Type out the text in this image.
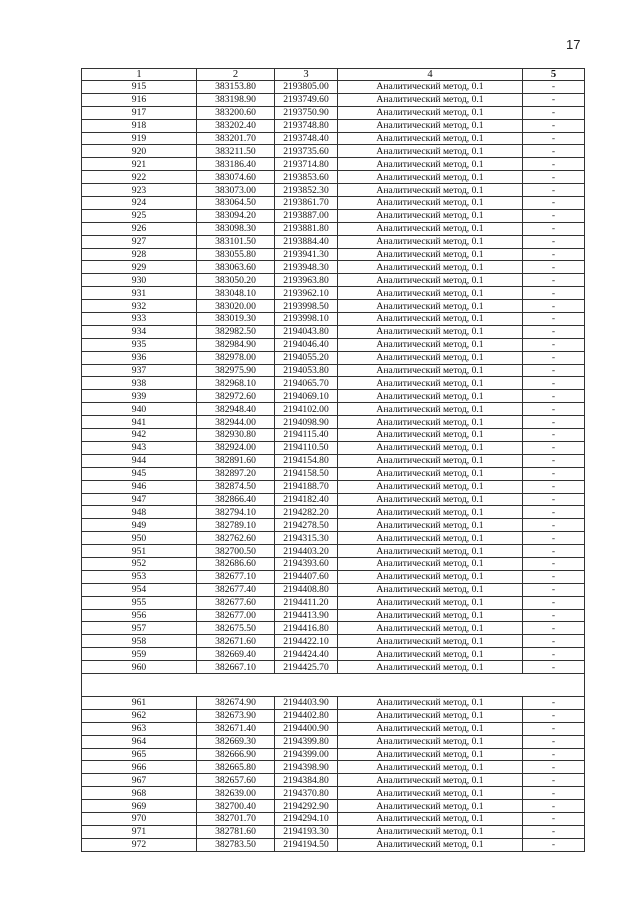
17
1	2	3	4	5
915	383153.80	2193805.00	Аналитический метод, 0.1	-
916	383198.90	2193749.60	Аналитический метод, 0.1	-
917	383200.60	2193750.90	Аналитический метод, 0.1	-
918	383202.40	2193748.80	Аналитический метод, 0.1	-
919	383201.70	2193748.40	Аналитический метод, 0.1	-
920	383211.50	2193735.60	Аналитический метод, 0.1	-
921	383186.40	2193714.80	Аналитический метод, 0.1	-
922	383074.60	2193853.60	Аналитический метод, 0.1	-
923	383073.00	2193852.30	Аналитический метод, 0.1	-
924	383064.50	2193861.70	Аналитический метод, 0.1	-
925	383094.20	2193887.00	Аналитический метод, 0.1	-
926	383098.30	2193881.80	Аналитический метод, 0.1	-
927	383101.50	2193884.40	Аналитический метод, 0.1	-
928	383055.80	2193941.30	Аналитический метод, 0.1	-
929	383063.60	2193948.30	Аналитический метод, 0.1	-
930	383050.20	2193963.80	Аналитический метод, 0.1	-
931	383048.10	2193962.10	Аналитический метод, 0.1	-
932	383020.00	2193998.50	Аналитический метод, 0.1	-
933	383019.30	2193998.10	Аналитический метод, 0.1	-
934	382982.50	2194043.80	Аналитический метод, 0.1	-
935	382984.90	2194046.40	Аналитический метод, 0.1	-
936	382978.00	2194055.20	Аналитический метод, 0.1	-
937	382975.90	2194053.80	Аналитический метод, 0.1	-
938	382968.10	2194065.70	Аналитический метод, 0.1	-
939	382972.60	2194069.10	Аналитический метод, 0.1	-
940	382948.40	2194102.00	Аналитический метод, 0.1	-
941	382944.00	2194098.90	Аналитический метод, 0.1	-
942	382930.80	2194115.40	Аналитический метод, 0.1	-
943	382924.00	2194110.50	Аналитический метод, 0.1	-
944	382891.60	2194154.80	Аналитический метод, 0.1	-
945	382897.20	2194158.50	Аналитический метод, 0.1	-
946	382874.50	2194188.70	Аналитический метод, 0.1	-
947	382866.40	2194182.40	Аналитический метод, 0.1	-
948	382794.10	2194282.20	Аналитический метод, 0.1	-
949	382789.10	2194278.50	Аналитический метод, 0.1	-
950	382762.60	2194315.30	Аналитический метод, 0.1	-
951	382700.50	2194403.20	Аналитический метод, 0.1	-
952	382686.60	2194393.60	Аналитический метод, 0.1	-
953	382677.10	2194407.60	Аналитический метод, 0.1	-
954	382677.40	2194408.80	Аналитический метод, 0.1	-
955	382677.60	2194411.20	Аналитический метод, 0.1	-
956	382677.00	2194413.90	Аналитический метод, 0.1	-
957	382675.50	2194416.80	Аналитический метод, 0.1	-
958	382671.60	2194422.10	Аналитический метод, 0.1	-
959	382669.40	2194424.40	Аналитический метод, 0.1	-
960	382667.10	2194425.70	Аналитический метод, 0.1	-

961	382674.90	2194403.90	Аналитический метод, 0.1	-
962	382673.90	2194402.80	Аналитический метод, 0.1	-
963	382671.40	2194400.90	Аналитический метод, 0.1	-
964	382669.30	2194399.80	Аналитический метод, 0.1	-
965	382666.90	2194399.00	Аналитический метод, 0.1	-
966	382665.80	2194398.90	Аналитический метод, 0.1	-
967	382657.60	2194384.80	Аналитический метод, 0.1	-
968	382639.00	2194370.80	Аналитический метод, 0.1	-
969	382700.40	2194292.90	Аналитический метод, 0.1	-
970	382701.70	2194294.10	Аналитический метод, 0.1	-
971	382781.60	2194193.30	Аналитический метод, 0.1	-
972	382783.50	2194194.50	Аналитический метод, 0.1	-
